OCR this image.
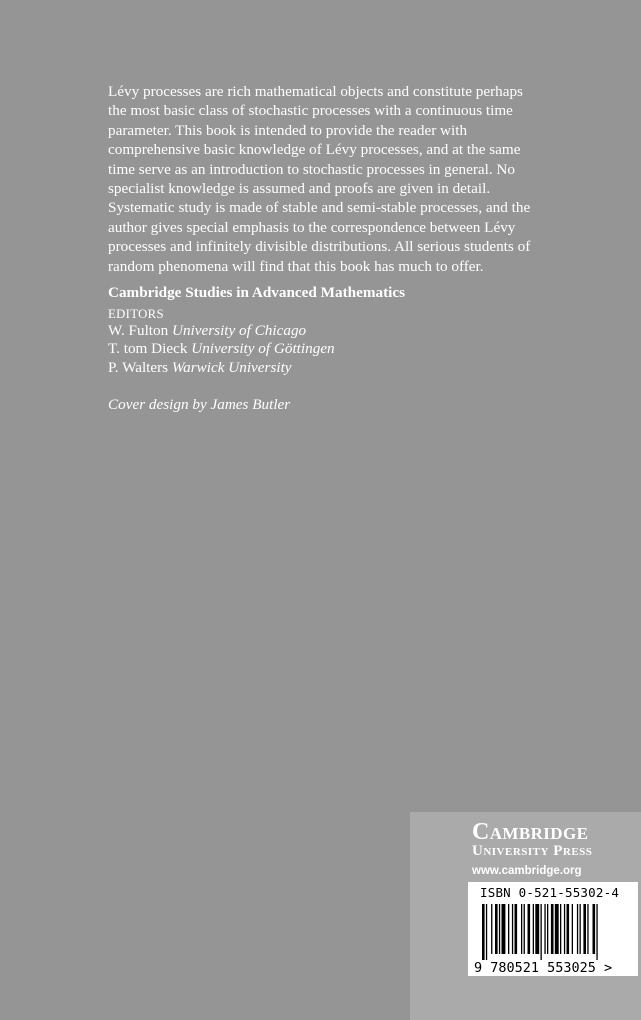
Lévy processes are rich mathematical objects and constitute perhaps the most basic class of stochastic processes with a continuous time parameter. This book is intended to provide the reader with comprehensive basic knowledge of Lévy processes, and at the same time serve as an introduction to stochastic processes in general. No specialist knowledge is assumed and proofs are given in detail. Systematic study is made of stable and semi-stable processes, and the author gives special emphasis to the correspondence between Lévy processes and infinitely divisible distributions. All serious students of random phenomena will find that this book has much to offer.

Cambridge Studies in Advanced Mathematics

EDITORS
W. Fulton University of Chicago
T. tom Dieck University of Göttingen
P. Walters Warwick University
Cover design by James Butler
Cambridge
University Press
www.cambridge.org
ISBN 0-521-55302-4
9 780521 553025 >
